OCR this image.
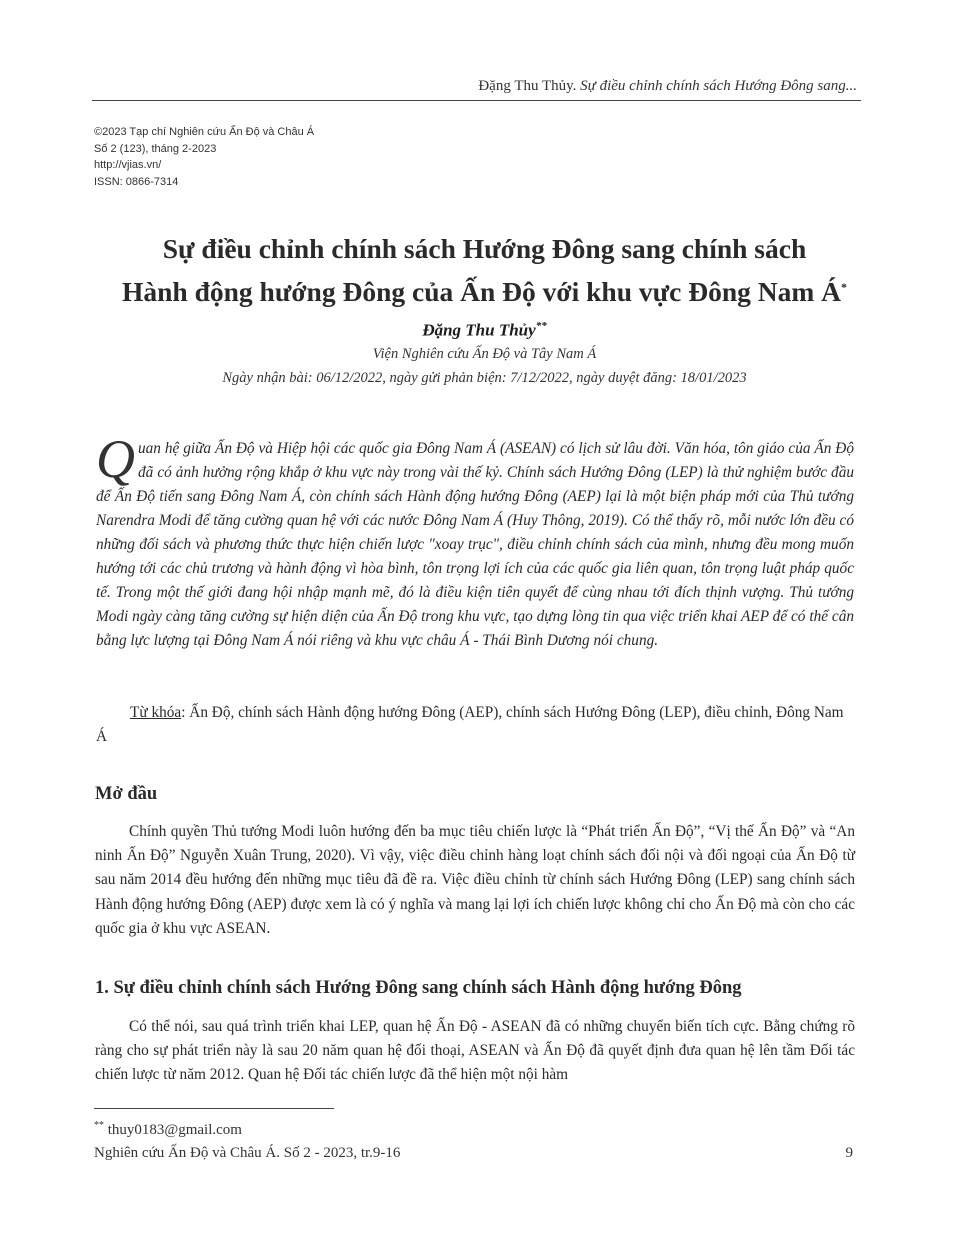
Đặng Thu Thủy. Sự điều chỉnh chính sách Hướng Đông sang...
©2023 Tạp chí Nghiên cứu Ấn Độ và Châu Á
Số 2 (123), tháng 2-2023
http://vjias.vn/
ISSN: 0866-7314
Sự điều chỉnh chính sách Hướng Đông sang chính sách
Hành động hướng Đông của Ấn Độ với khu vực Đông Nam Á*
Đặng Thu Thủy**
Viện Nghiên cứu Ấn Độ và Tây Nam Á
Ngày nhận bài: 06/12/2022, ngày gửi phản biện: 7/12/2022, ngày duyệt đăng: 18/01/2023
Quan hệ giữa Ấn Độ và Hiệp hội các quốc gia Đông Nam Á (ASEAN) có lịch sử lâu đời. Văn hóa, tôn giáo của Ấn Độ đã có ảnh hưởng rộng khắp ở khu vực này trong vài thế kỷ. Chính sách Hướng Đông (LEP) là thử nghiệm bước đầu để Ấn Độ tiến sang Đông Nam Á, còn chính sách Hành động hướng Đông (AEP) lại là một biện pháp mới của Thủ tướng Narendra Modi để tăng cường quan hệ với các nước Đông Nam Á (Huy Thông, 2019). Có thể thấy rõ, mỗi nước lớn đều có những đối sách và phương thức thực hiện chiến lược "xoay trục", điều chỉnh chính sách của mình, nhưng đều mong muốn hướng tới các chủ trương và hành động vì hòa bình, tôn trọng lợi ích của các quốc gia liên quan, tôn trọng luật pháp quốc tế. Trong một thế giới đang hội nhập mạnh mẽ, đó là điều kiện tiên quyết để cùng nhau tới đích thịnh vượng. Thủ tướng Modi ngày càng tăng cường sự hiện diện của Ấn Độ trong khu vực, tạo dựng lòng tin qua việc triển khai AEP để có thể cân bằng lực lượng tại Đông Nam Á nói riêng và khu vực châu Á - Thái Bình Dương nói chung.
Từ khóa: Ấn Độ, chính sách Hành động hướng Đông (AEP), chính sách Hướng Đông (LEP), điều chỉnh, Đông Nam Á
Mở đầu
Chính quyền Thủ tướng Modi luôn hướng đến ba mục tiêu chiến lược là “Phát triển Ấn Độ”, “Vị thế Ấn Độ” và “An ninh Ấn Độ” Nguyễn Xuân Trung, 2020). Vì vậy, việc điều chỉnh hàng loạt chính sách đối nội và đối ngoại của Ấn Độ từ sau năm 2014 đều hướng đến những mục tiêu đã đề ra. Việc điều chỉnh từ chính sách Hướng Đông (LEP) sang chính sách Hành động hướng Đông (AEP) được xem là có ý nghĩa và mang lại lợi ích chiến lược không chỉ cho Ấn Độ mà còn cho các quốc gia ở khu vực ASEAN.
1. Sự điều chỉnh chính sách Hướng Đông sang chính sách Hành động hướng Đông
Có thể nói, sau quá trình triển khai LEP, quan hệ Ấn Độ - ASEAN đã có những chuyển biến tích cực. Bằng chứng rõ ràng cho sự phát triển này là sau 20 năm quan hệ đối thoại, ASEAN và Ấn Độ đã quyết định đưa quan hệ lên tầm Đối tác chiến lược từ năm 2012. Quan hệ Đối tác chiến lược đã thể hiện một nội hàm
** thuy0183@gmail.com
Nghiên cứu Ấn Độ và Châu Á. Số 2 - 2023, tr.9-16	9
